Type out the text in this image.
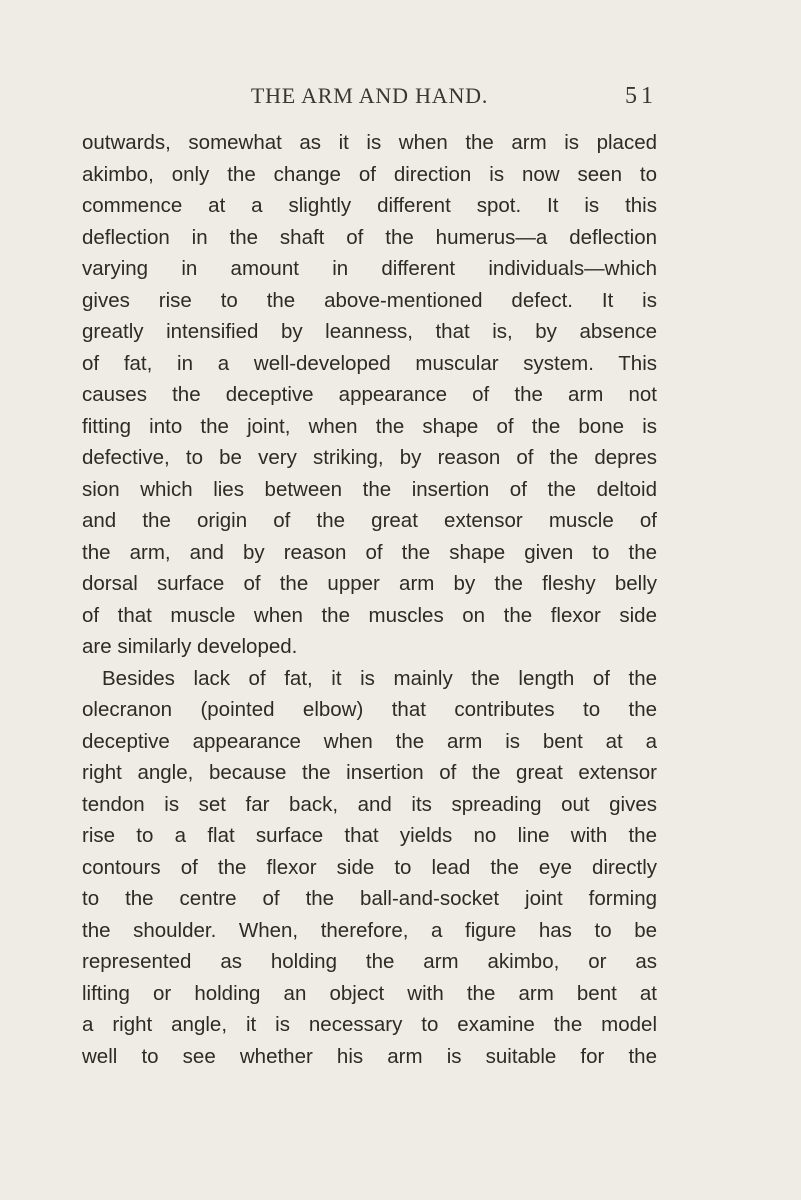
THE ARM AND HAND.	51
outwards, somewhat as it is when the arm is placed
akimbo, only the change of direction is now seen to
commence at a slightly different spot. It is this
deflection in the shaft of the humerus—a deflection
varying in amount in different individuals—which
gives rise to the above-mentioned defect. It is
greatly intensified by leanness, that is, by absence
of fat, in a well-developed muscular system. This
causes the deceptive appearance of the arm not
fitting into the joint, when the shape of the bone is
defective, to be very striking, by reason of the depres
sion which lies between the insertion of the deltoid
and the origin of the great extensor muscle of
the arm, and by reason of the shape given to the
dorsal surface of the upper arm by the fleshy belly
of that muscle when the muscles on the flexor side
are similarly developed.
Besides lack of fat, it is mainly the length of the
olecranon (pointed elbow) that contributes to the
deceptive appearance when the arm is bent at a
right angle, because the insertion of the great extensor
tendon is set far back, and its spreading out gives
rise to a flat surface that yields no line with the
contours of the flexor side to lead the eye directly
to the centre of the ball-and-socket joint forming
the shoulder. When, therefore, a figure has to be
represented as holding the arm akimbo, or as
lifting or holding an object with the arm bent at
a right angle, it is necessary to examine the model
well to see whether his arm is suitable for the
